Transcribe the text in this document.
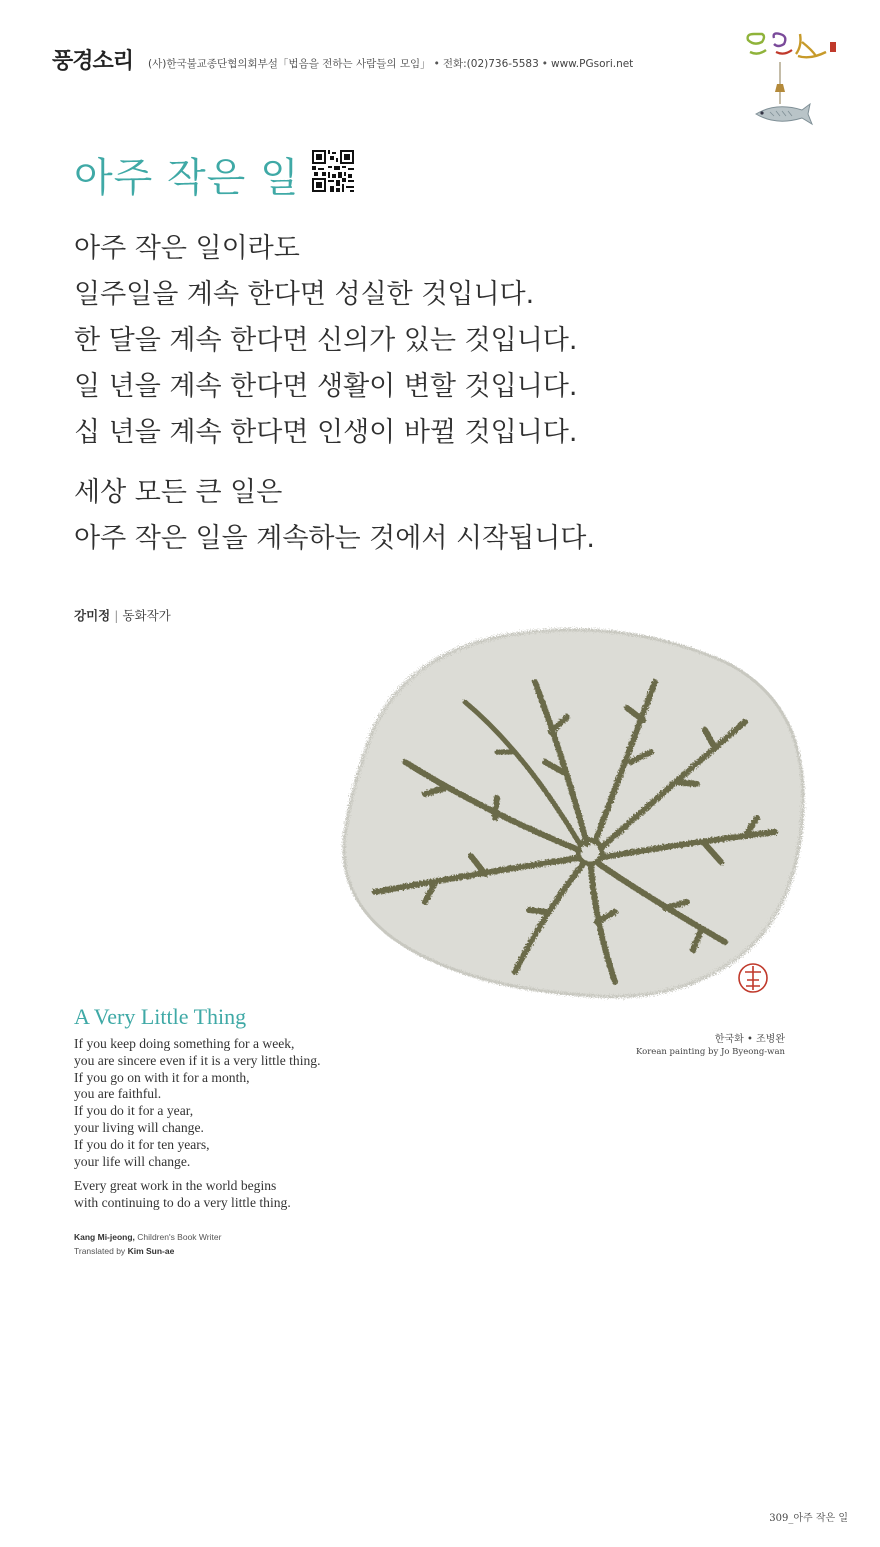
풍경소리 (사)한국불교종단협의회부설「법음을 전하는 사람들의 모임」 • 전화:(02)736-5583 • www.PGsori.net
아주 작은 일
아주 작은 일이라도
일주일을 계속 한다면 성실한 것입니다.
한 달을 계속 한다면 신의가 있는 것입니다.
일 년을 계속 한다면 생활이 변할 것입니다.
십 년을 계속 한다면 인생이 바뀔 것입니다.
세상 모든 큰 일은
아주 작은 일을 계속하는 것에서 시작됩니다.
강미정 | 동화작가
한국화 • 조병완
Korean painting by Jo Byeong-wan
A Very Little Thing
If you keep doing something for a week,
you are sincere even if it is a very little thing.
If you go on with it for a month,
you are faithful.
If you do it for a year,
your living will change.
If you do it for ten years,
your life will change.
Every great work in the world begins
with continuing to do a very little thing.
Kang Mi-jeong, Children's Book Writer
Translated by Kim Sun-ae
309_아주 작은 일
